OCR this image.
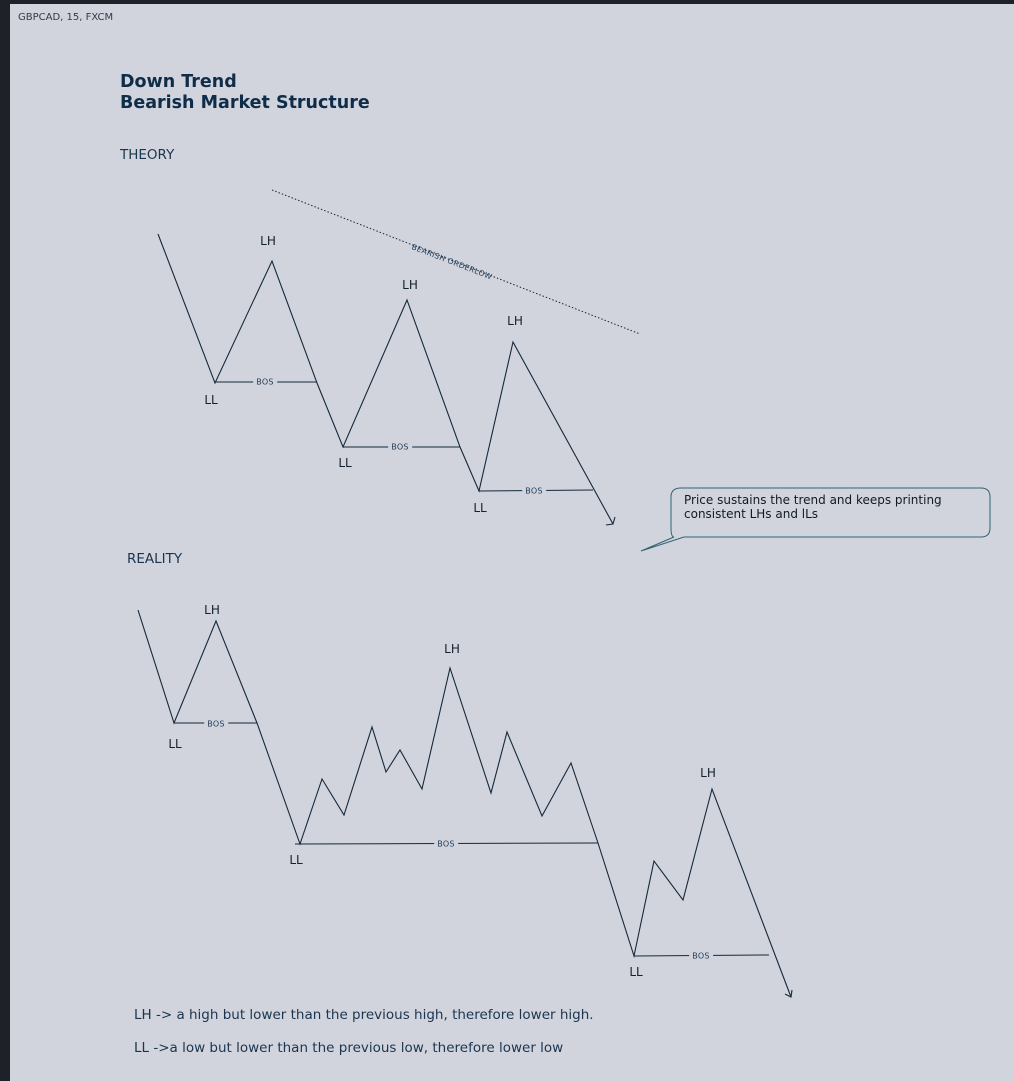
GBPCAD, 15, FXCM
Down Trend
Bearish Market Structure
THEORY
REALITY
BEARISH ORDERLOW
LH
LH
LH
LL
LL
LL
BOS
BOS
BOS
LH
LH
LH
LL
LL
LL
BOS
BOS
BOS
Price sustains the trend and keeps printing consistent LHs and lLs
LH -> a high but lower than the previous high, therefore lower high.
LL ->a low but lower than the previous low, therefore lower low
